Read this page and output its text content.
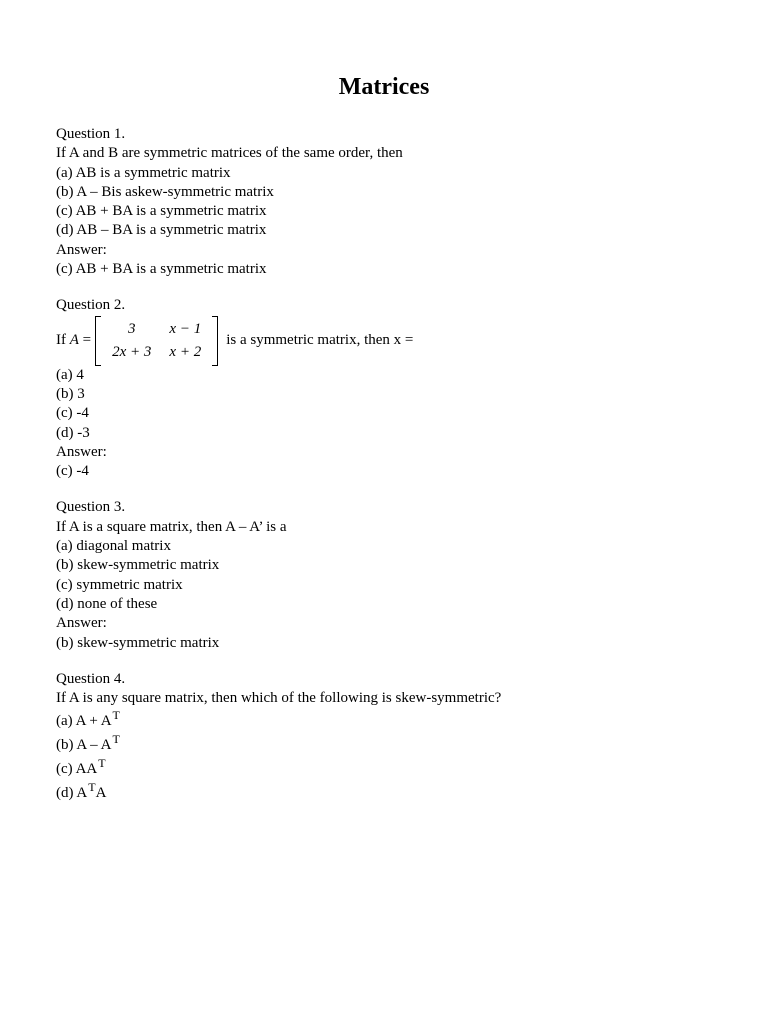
Matrices
Question 1.
If A and B are symmetric matrices of the same order, then
(a) AB is a symmetric matrix
(b) A – Bis askew-symmetric matrix
(c) AB + BA is a symmetric matrix
(d) AB – BA is a symmetric matrix
Answer:
(c) AB + BA is a symmetric matrix
Question 2.
If A =
3	x − 1
2x + 3	x + 2
is a symmetric matrix, then x =
(a) 4
(b) 3
(c) -4
(d) -3
Answer:
(c) -4
Question 3.
If A is a square matrix, then A – A’ is a
(a) diagonal matrix
(b) skew-symmetric matrix
(c) symmetric matrix
(d) none of these
Answer:
(b) skew-symmetric matrix
Question 4.
If A is any square matrix, then which of the following is skew-symmetric?
(a) $A + A^T$
(b) A – $A^T$
(c) $AA^T$
(d) $A^TA$
